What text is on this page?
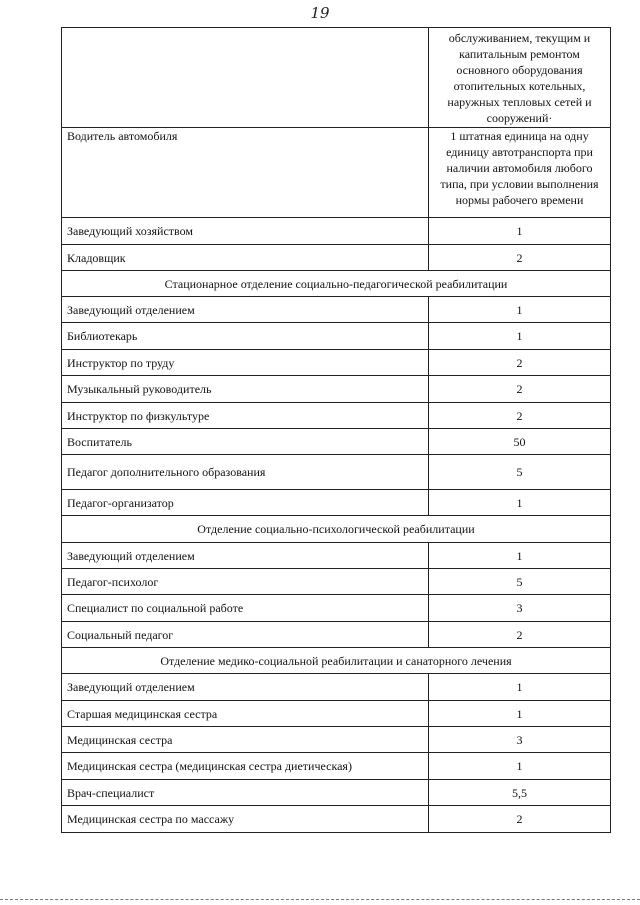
19
	обслуживанием, текущим и капитальным ремонтом основного оборудования отопительных котельных, наружных тепловых сетей и сооружений·
Водитель автомобиля	1 штатная единица на одну единицу автотранспорта при наличии автомобиля любого типа, при условии выполнения нормы рабочего времени
Заведующий хозяйством	1
Кладовщик	2
Стационарное отделение социально-педагогической реабилитации	
Заведующий отделением	1
Библиотекарь	1
Инструктор по труду	2
Музыкальный руководитель	2
Инструктор по физкультуре	2
Воспитатель	50
Педагог дополнительного образования	5
Педагог-организатор	1
Отделение социально-психологической реабилитации	
Заведующий отделением	1
Педагог-психолог	5
Специалист по социальной работе	3
Социальный педагог	2
Отделение медико-социальной реабилитации и санаторного лечения	
Заведующий отделением	1
Старшая медицинская сестра	1
Медицинская сестра	3
Медицинская сестра (медицинская сестра диетическая)	1
Врач-специалист	5,5
Медицинская сестра по массажу	2
